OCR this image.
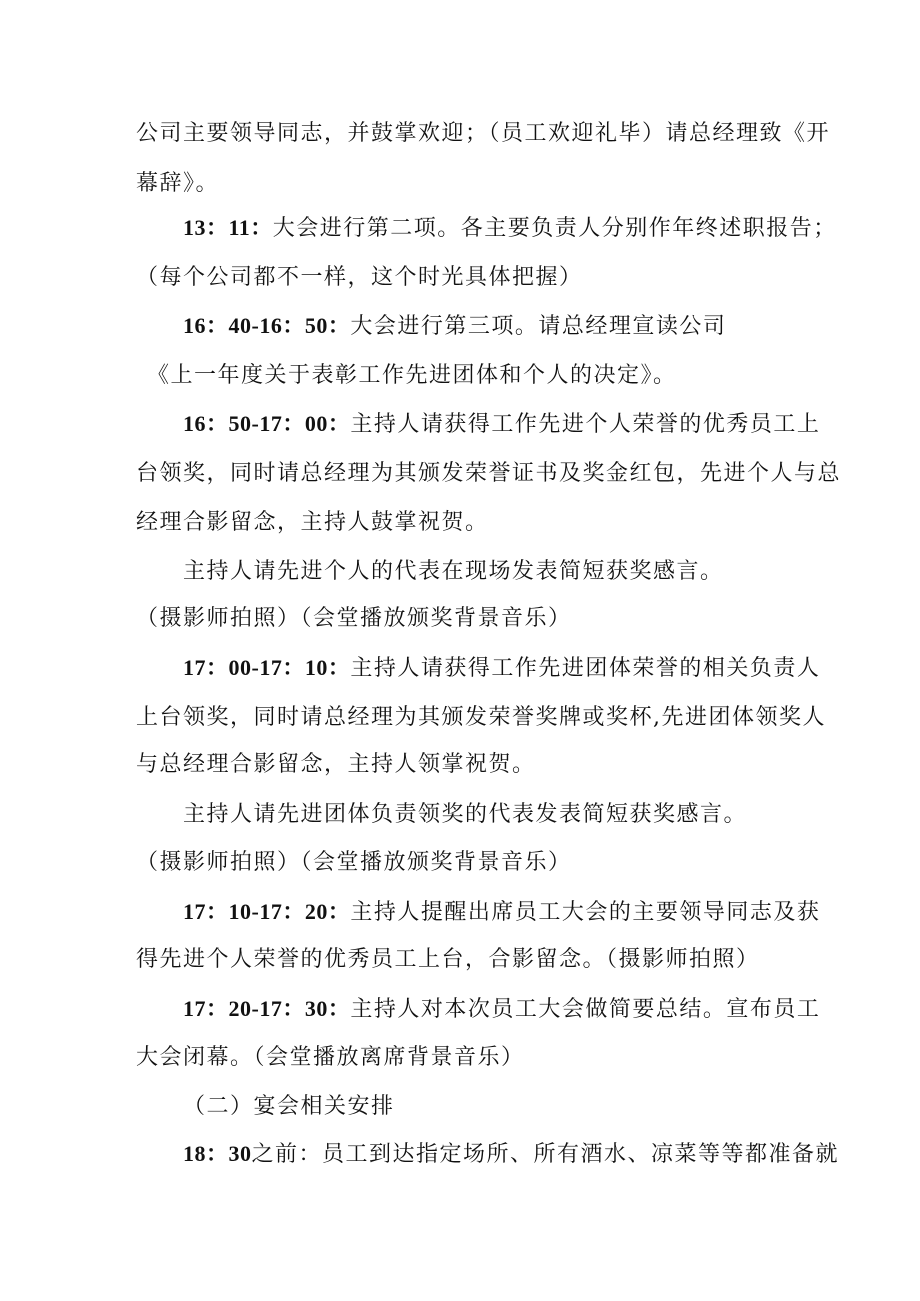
公司主要领导同志，并鼓掌欢迎；（员工欢迎礼毕）请总经理致《开
幕辞》。
13：11：大会进行第二项。各主要负责人分别作年终述职报告；
（每个公司都不一样，这个时光具体把握）
16：40-16：50：大会进行第三项。请总经理宣读公司
《上一年度关于表彰工作先进团体和个人的决定》。
16：50-17：00：主持人请获得工作先进个人荣誉的优秀员工上
台领奖，同时请总经理为其颁发荣誉证书及奖金红包，先进个人与总
经理合影留念，主持人鼓掌祝贺。
主持人请先进个人的代表在现场发表简短获奖感言。
（摄影师拍照）（会堂播放颁奖背景音乐）
17：00-17：10：主持人请获得工作先进团体荣誉的相关负责人
上台领奖，同时请总经理为其颁发荣誉奖牌或奖杯,先进团体领奖人
与总经理合影留念，主持人领掌祝贺。
主持人请先进团体负责领奖的代表发表简短获奖感言。
（摄影师拍照）（会堂播放颁奖背景音乐）
17：10-17：20：主持人提醒出席员工大会的主要领导同志及获
得先进个人荣誉的优秀员工上台，合影留念。（摄影师拍照）
17：20-17：30：主持人对本次员工大会做简要总结。宣布员工
大会闭幕。（会堂播放离席背景音乐）
（二）宴会相关安排
18：30之前：员工到达指定场所、所有酒水、凉菜等等都准备就
